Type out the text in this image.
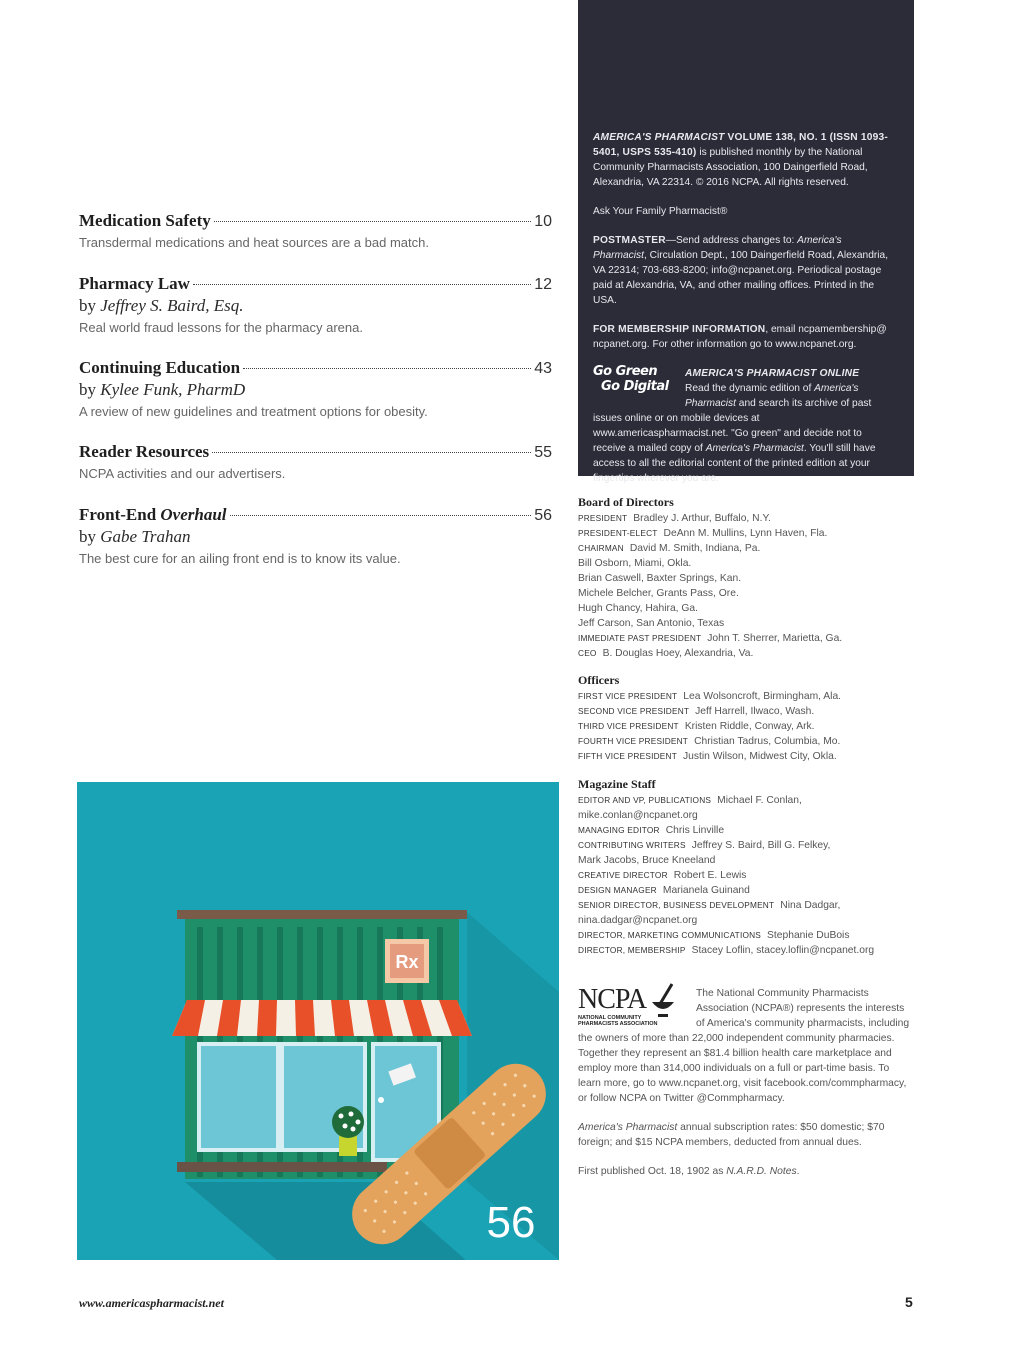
Medication Safety	10
Transdermal medications and heat sources are a bad match.
Pharmacy Law	12
by Jeffrey S. Baird, Esq.
Real world fraud lessons for the pharmacy arena.
Continuing Education	43
by Kylee Funk, PharmD
A review of new guidelines and treatment options for obesity.
Reader Resources	55
NCPA activities and our advertisers.
Front-End Overhaul	56
by Gabe Trahan
The best cure for an ailing front end is to know its value.

AMERICA'S PHARMACIST VOLUME 138, NO. 1 (ISSN 1093-5401, USPS 535-410) is published monthly by the National Community Pharmacists Association, 100 Daingerfield Road, Alexandria, VA 22314. © 2016 NCPA. All rights reserved.

Ask Your Family Pharmacist®

POSTMASTER—Send address changes to: America's Pharmacist, Circulation Dept., 100 Daingerfield Road, Alexandria, VA 22314; 703-683-8200; info@ncpanet.org. Periodical postage paid at Alexandria, VA, and other mailing offices. Printed in the USA.

FOR MEMBERSHIP INFORMATION, email ncpamembership@ ncpanet.org. For other information go to www.ncpanet.org.

Go Green
Go Digital
AMERICA'S PHARMACIST ONLINE
Read the dynamic edition of America's Pharmacist and search its archive of past issues online or on mobile devices at www.americaspharmacist.net. "Go green" and decide not to receive a mailed copy of America's Pharmacist. You'll still have access to all the editorial content of the printed edition at your fingertips wherever you are.
Board of Directors
PRESIDENT Bradley J. Arthur, Buffalo, N.Y.
PRESIDENT-ELECT DeAnn M. Mullins, Lynn Haven, Fla.
CHAIRMAN David M. Smith, Indiana, Pa.
Bill Osborn, Miami, Okla.
Brian Caswell, Baxter Springs, Kan.
Michele Belcher, Grants Pass, Ore.
Hugh Chancy, Hahira, Ga.
Jeff Carson, San Antonio, Texas
IMMEDIATE PAST PRESIDENT John T. Sherrer, Marietta, Ga.
CEO B. Douglas Hoey, Alexandria, Va.
Officers
FIRST VICE PRESIDENT Lea Wolsoncroft, Birmingham, Ala.
SECOND VICE PRESIDENT Jeff Harrell, Ilwaco, Wash.
THIRD VICE PRESIDENT Kristen Riddle, Conway, Ark.
FOURTH VICE PRESIDENT Christian Tadrus, Columbia, Mo.
FIFTH VICE PRESIDENT Justin Wilson, Midwest City, Okla.
Magazine Staff
EDITOR AND VP, PUBLICATIONS Michael F. Conlan,
mike.conlan@ncpanet.org
MANAGING EDITOR Chris Linville
CONTRIBUTING WRITERS Jeffrey S. Baird, Bill G. Felkey,
Mark Jacobs, Bruce Kneeland
CREATIVE DIRECTOR Robert E. Lewis
DESIGN MANAGER Marianela Guinand
SENIOR DIRECTOR, BUSINESS DEVELOPMENT Nina Dadgar,
nina.dadgar@ncpanet.org
DIRECTOR, MARKETING COMMUNICATIONS Stephanie DuBois
DIRECTOR, MEMBERSHIP Stacey Loflin, stacey.loflin@ncpanet.org
NCPA
NATIONAL COMMUNITY
PHARMACISTS ASSOCIATION

The National Community Pharmacists Association (NCPA®) represents the interests of America's community pharmacists, including the owners of more than 22,000 independent community pharmacies. Together they represent an $81.4 billion health care marketplace and employ more than 314,000 individuals on a full or part-time basis. To learn more, go to www.ncpanet.org, visit facebook.com/commpharmacy, or follow NCPA on Twitter @Commpharmacy.

America's Pharmacist annual subscription rates: $50 domestic; $70 foreign; and $15 NCPA members, deducted from annual dues.

First published Oct. 18, 1902 as N.A.R.D. Notes.

Rx
56
www.americaspharmacist.net	5
